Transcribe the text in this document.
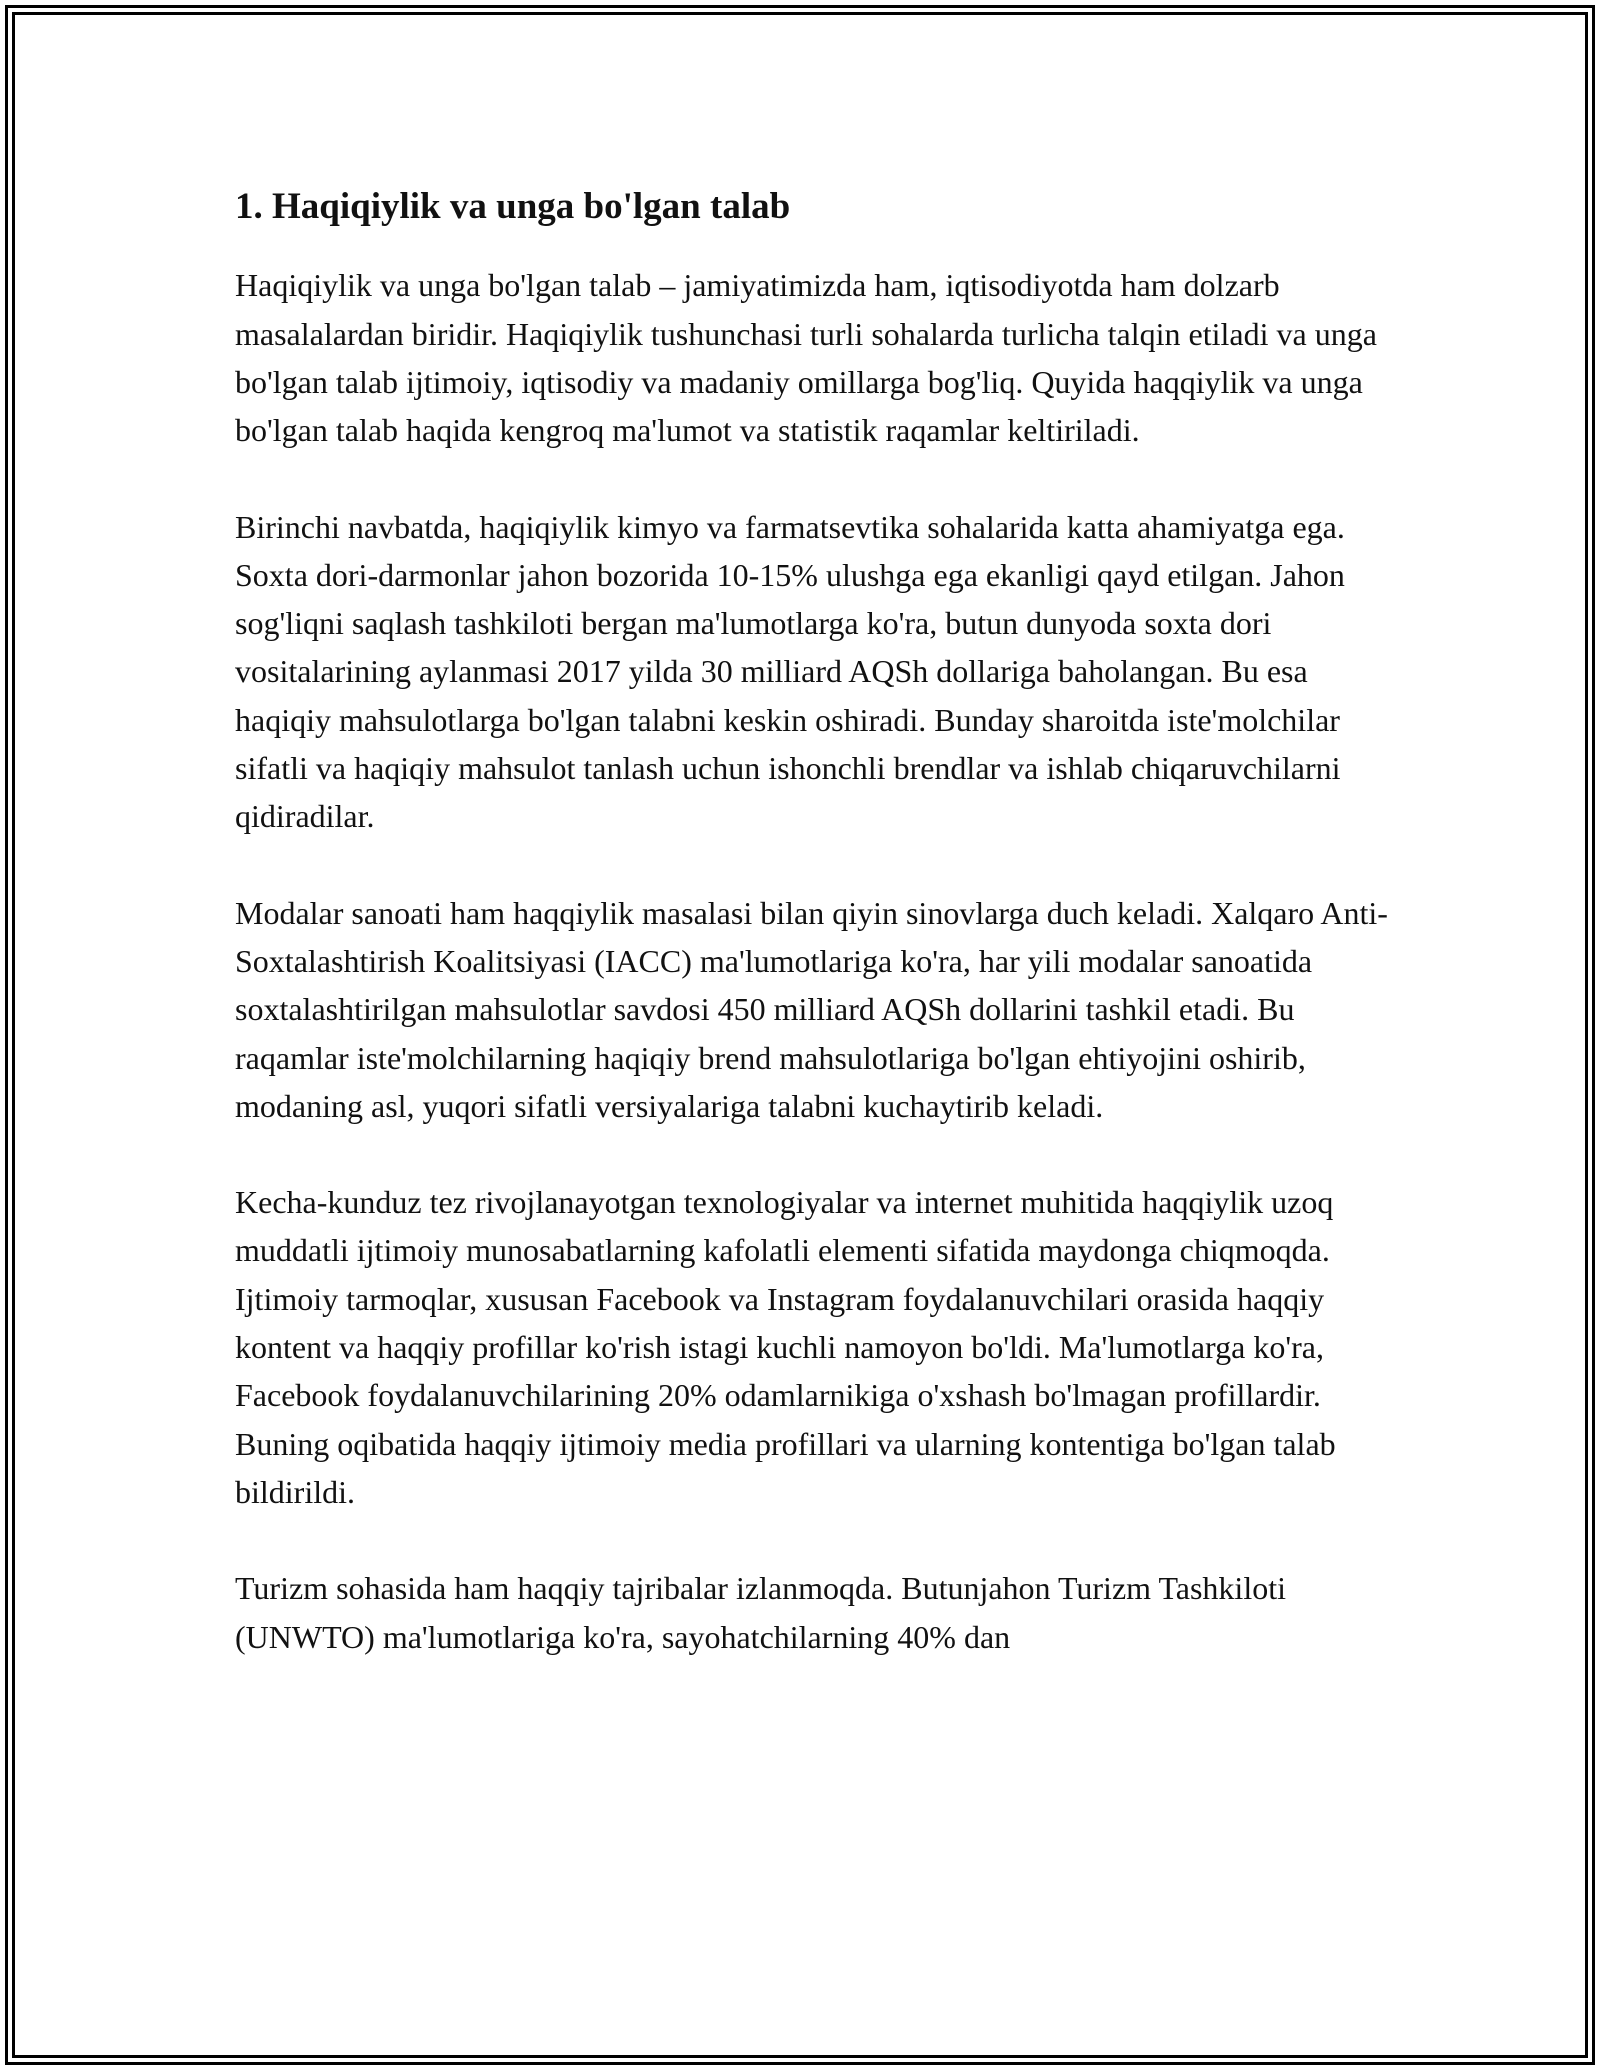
1. Haqiqiylik va unga bo'lgan talab

Haqiqiylik va unga bo'lgan talab – jamiyatimizda ham, iqtisodiyotda ham dolzarb masalalardan biridir. Haqiqiylik tushunchasi turli sohalarda turlicha talqin etiladi va unga bo'lgan talab ijtimoiy, iqtisodiy va madaniy omillarga bog'liq. Quyida haqqiylik va unga bo'lgan talab haqida kengroq ma'lumot va statistik raqamlar keltiriladi.

Birinchi navbatda, haqiqiylik kimyo va farmatsevtika sohalarida katta ahamiyatga ega. Soxta dori-darmonlar jahon bozorida 10-15% ulushga ega ekanligi qayd etilgan. Jahon sog'liqni saqlash tashkiloti bergan ma'lumotlarga ko'ra, butun dunyoda soxta dori vositalarining aylanmasi 2017 yilda 30 milliard AQSh dollariga baholangan. Bu esa haqiqiy mahsulotlarga bo'lgan talabni keskin oshiradi. Bunday sharoitda iste'molchilar sifatli va haqiqiy mahsulot tanlash uchun ishonchli brendlar va ishlab chiqaruvchilarni qidiradilar.

Modalar sanoati ham haqqiylik masalasi bilan qiyin sinovlarga duch keladi. Xalqaro Anti-Soxtalashtirish Koalitsiyasi (IACC) ma'lumotlariga ko'ra, har yili modalar sanoatida soxtalashtirilgan mahsulotlar savdosi 450 milliard AQSh dollarini tashkil etadi. Bu raqamlar iste'molchilarning haqiqiy brend mahsulotlariga bo'lgan ehtiyojini oshirib, modaning asl, yuqori sifatli versiyalariga talabni kuchaytirib keladi.

Kecha-kunduz tez rivojlanayotgan texnologiyalar va internet muhitida haqqiylik uzoq muddatli ijtimoiy munosabatlarning kafolatli elementi sifatida maydonga chiqmoqda. Ijtimoiy tarmoqlar, xususan Facebook va Instagram foydalanuvchilari orasida haqqiy kontent va haqqiy profillar ko'rish istagi kuchli namoyon bo'ldi. Ma'lumotlarga ko'ra, Facebook foydalanuvchilarining 20% odamlarnikiga o'xshash bo'lmagan profillardir. Buning oqibatida haqqiy ijtimoiy media profillari va ularning kontentiga bo'lgan talab bildirildi.

Turizm sohasida ham haqqiy tajribalar izlanmoqda. Butunjahon Turizm Tashkiloti (UNWTO) ma'lumotlariga ko'ra, sayohatchilarning 40% dan
